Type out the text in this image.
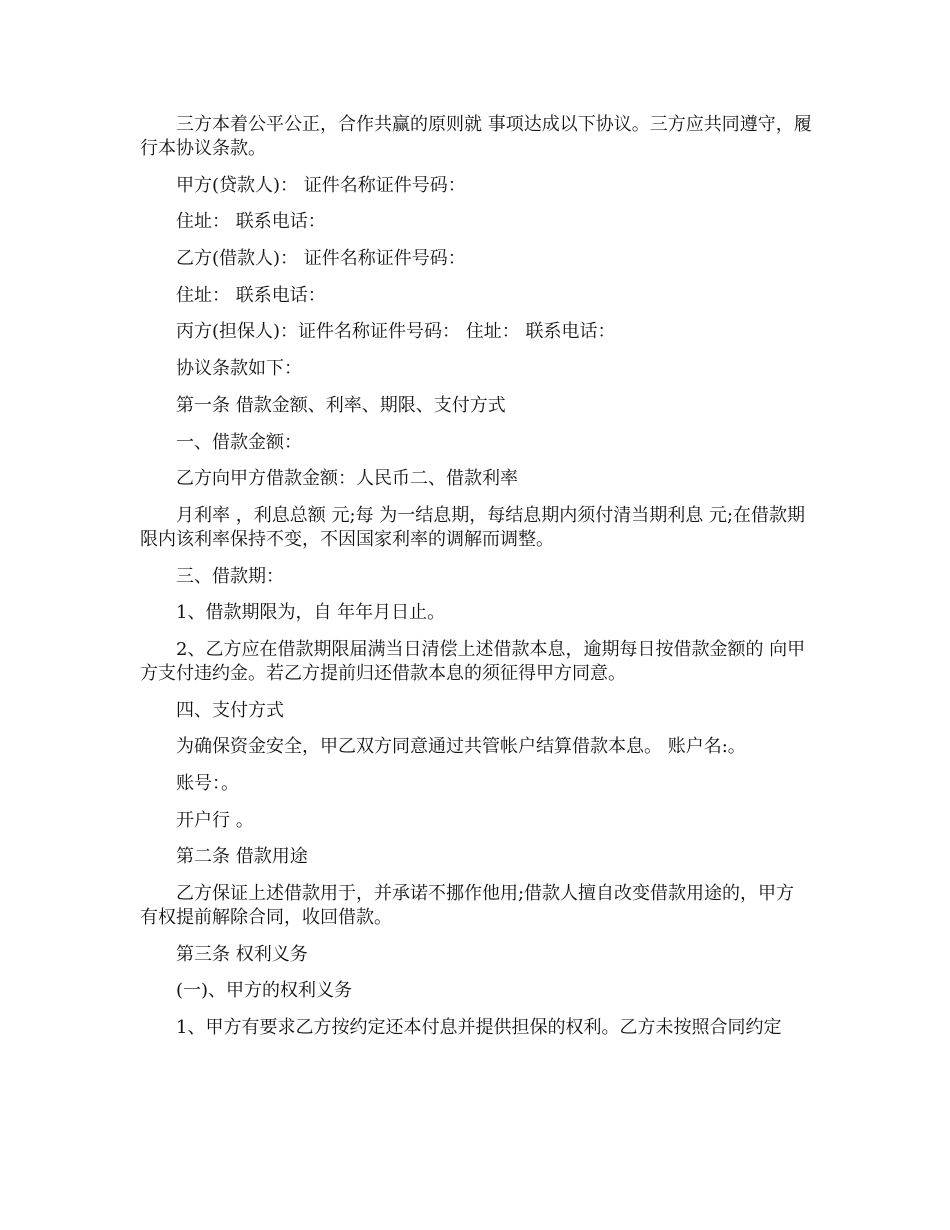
三方本着公平公正，合作共赢的原则就 事项达成以下协议。三方应共同遵守，履行本协议条款。

甲方(贷款人)： 证件名称证件号码：

住址： 联系电话：

乙方(借款人)： 证件名称证件号码：

住址： 联系电话：

丙方(担保人)：证件名称证件号码： 住址： 联系电话：

协议条款如下：

第一条 借款金额、利率、期限、支付方式

一、借款金额：

乙方向甲方借款金额：人民币二、借款利率

月利率 ，利息总额 元;每 为一结息期，每结息期内须付清当期利息 元;在借款期限内该利率保持不变，不因国家利率的调解而调整。

三、借款期：

1、借款期限为，自 年年月日止。

2、乙方应在借款期限届满当日清偿上述借款本息，逾期每日按借款金额的 向甲方支付违约金。若乙方提前归还借款本息的须征得甲方同意。

四、支付方式

为确保资金安全，甲乙双方同意通过共管帐户结算借款本息。 账户名:。

账号：。

开户行 。

第二条 借款用途

乙方保证上述借款用于，并承诺不挪作他用;借款人擅自改变借款用途的，甲方有权提前解除合同，收回借款。

第三条 权利义务

(一)、甲方的权利义务

1、甲方有要求乙方按约定还本付息并提供担保的权利。乙方未按照合同约定
